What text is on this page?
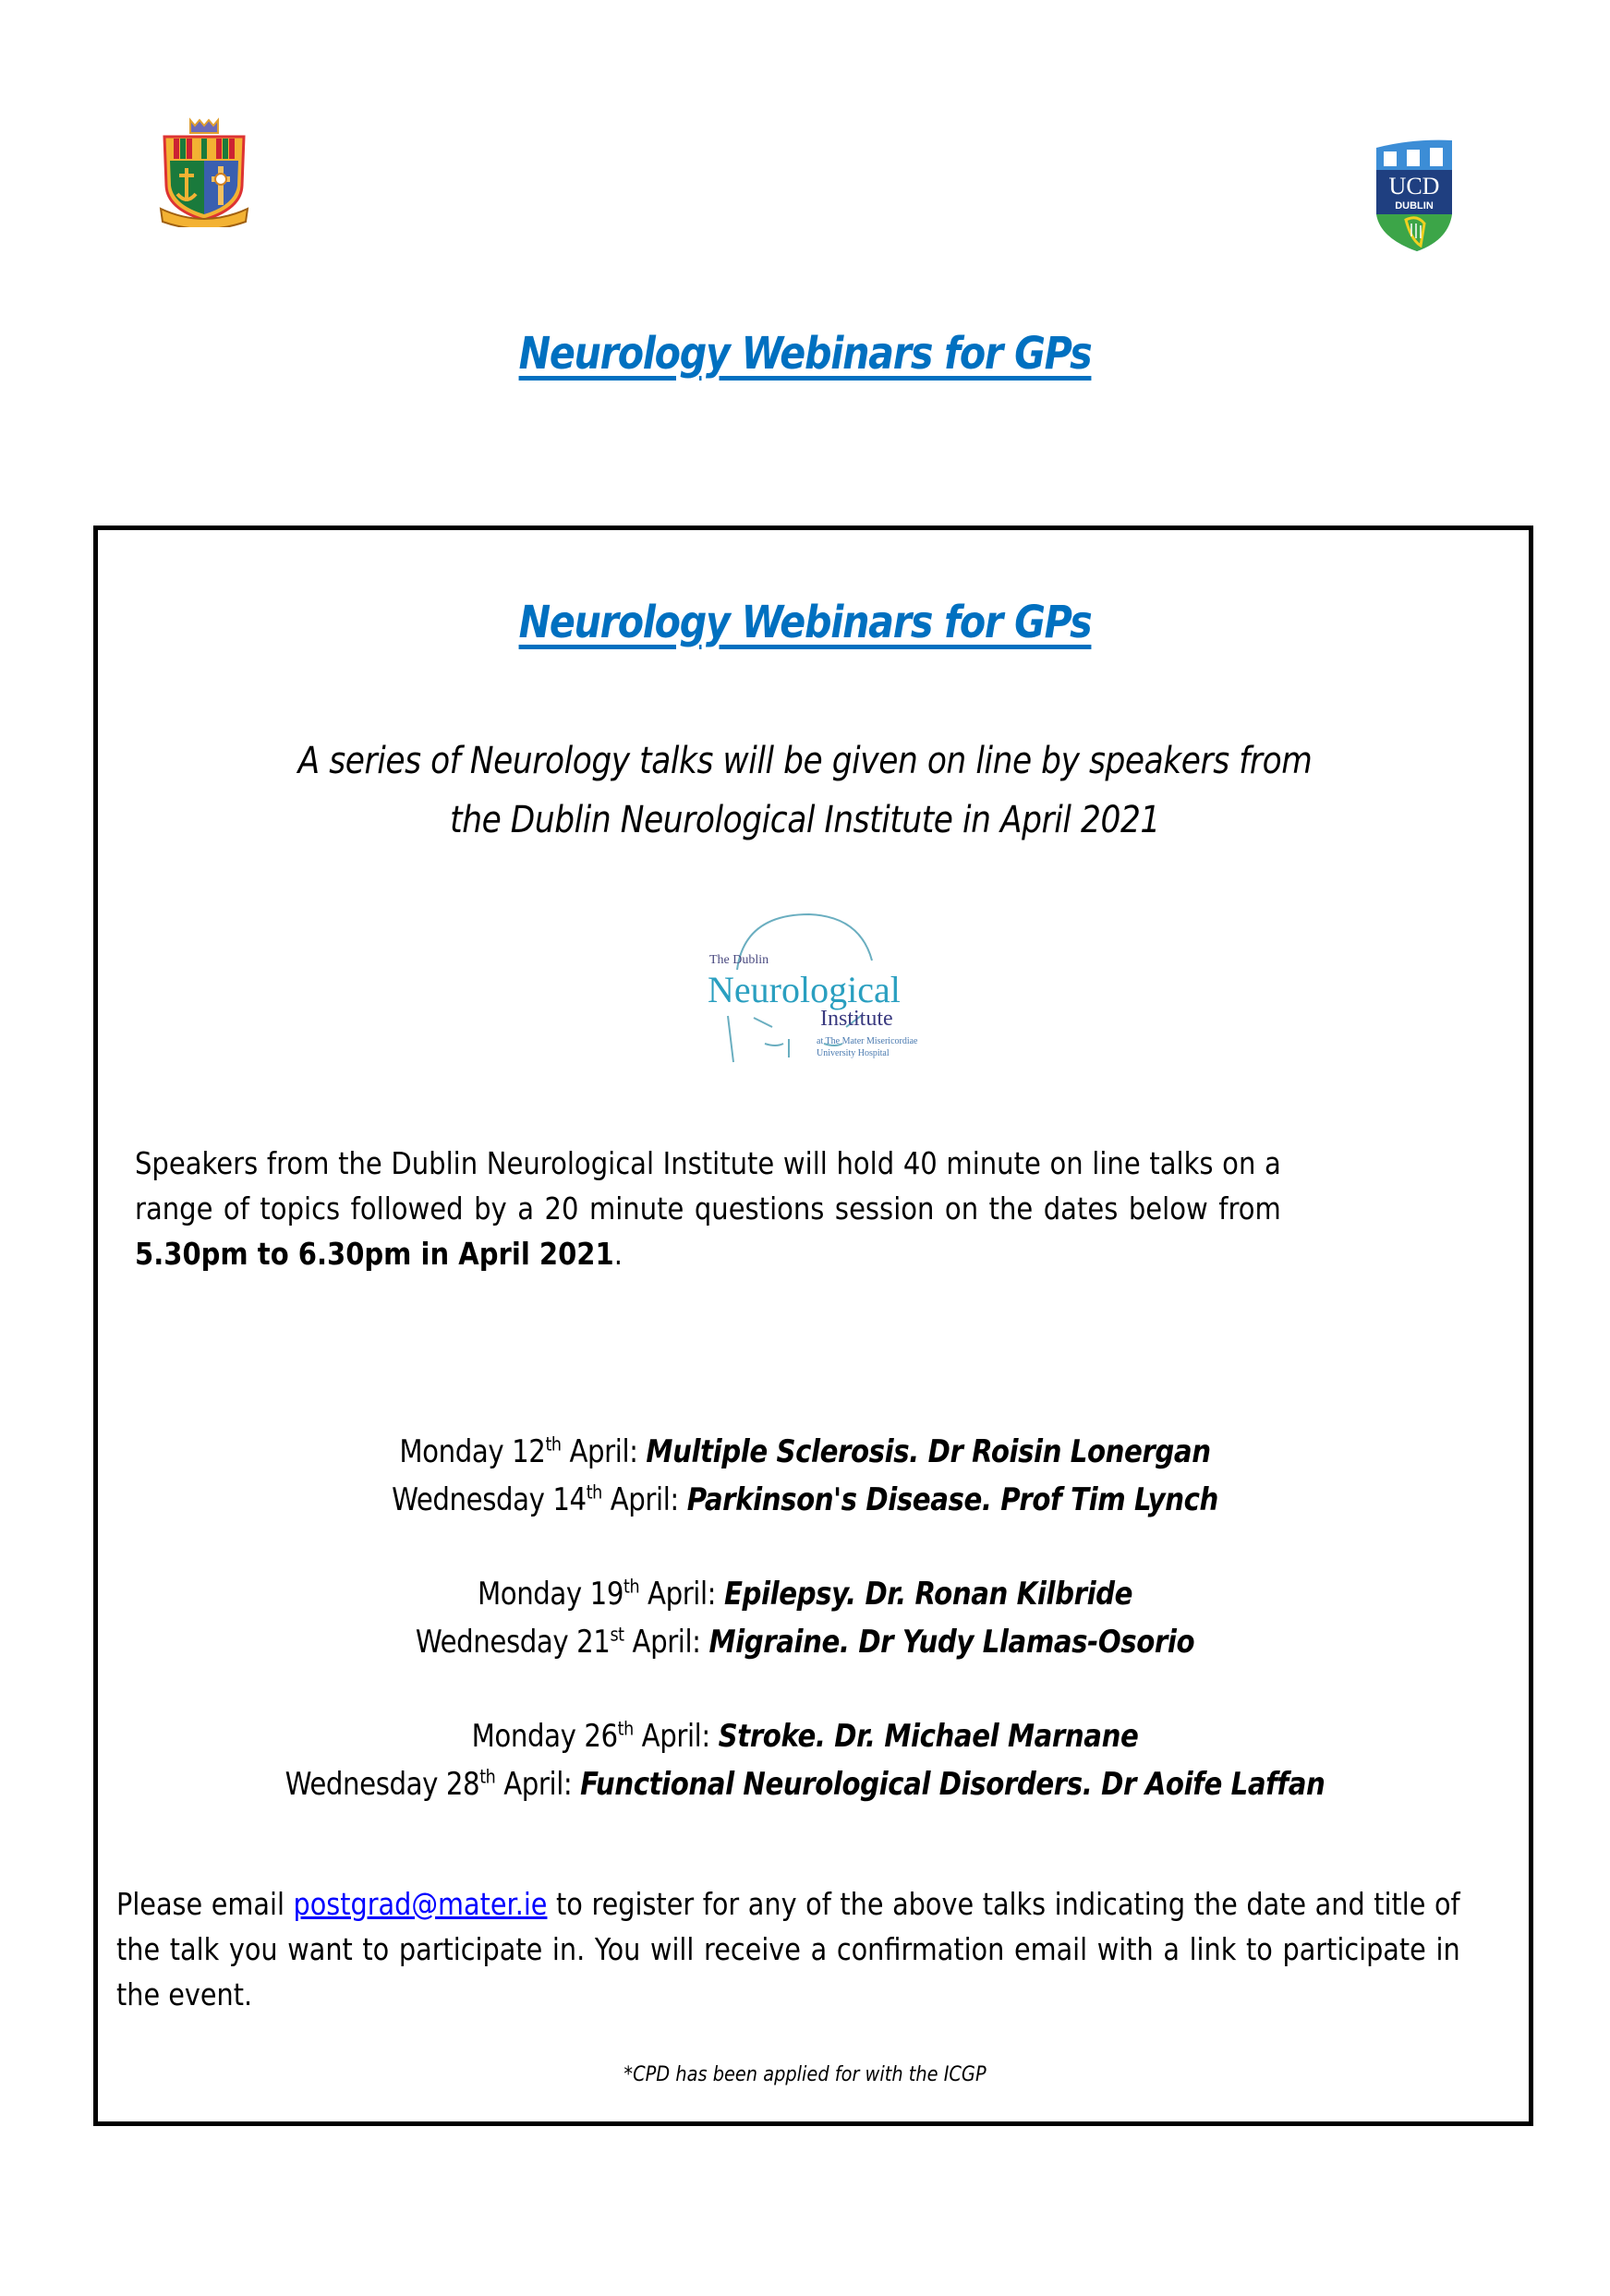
UCD
DUBLIN
Neurology Webinars for GPs
Neurology Webinars for GPs
A series of Neurology talks will be given on line by speakers from
the Dublin Neurological Institute in April 2021
The Dublin
Neurological
Institute
at The Mater Misericordiae
University Hospital
Speakers from the Dublin Neurological Institute will hold 40 minute on line talks on a range of topics followed by a 20 minute questions session on the dates below from 5.30pm to 6.30pm in April 2021.
Monday 12th April: Multiple Sclerosis. Dr Roisin Lonergan
Wednesday 14th April: Parkinson's Disease. Prof Tim Lynch
Monday 19th April: Epilepsy. Dr. Ronan Kilbride
Wednesday 21st April: Migraine. Dr Yudy Llamas-Osorio
Monday 26th April: Stroke. Dr. Michael Marnane
Wednesday 28th April: Functional Neurological Disorders. Dr Aoife Laffan
Please email postgrad@mater.ie to register for any of the above talks indicating the date and title of the talk you want to participate in. You will receive a confirmation email with a link to participate in the event.
*CPD has been applied for with the ICGP
